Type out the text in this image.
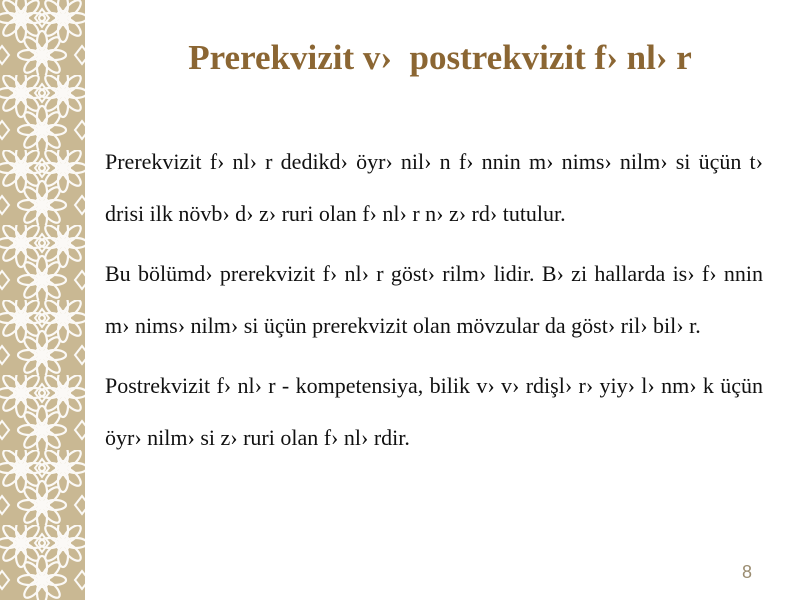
Prerekvizit v›  postrekvizit f› nl› r

Prerekvizit f› nl› r dedikd› öyr› nil› n f› nnin m› nims› nilm› si üçün t› drisi ilk növb› d› z› ruri olan f› nl› r n› z› rd› tutulur.

Bu bölümd› prerekvizit f› nl› r göst› rilm› lidir. B› zi hallarda is› f› nnin m› nims› nilm› si üçün prerekvizit olan mövzular da göst› ril› bil› r.

Postrekvizit f› nl› r - kompetensiya, bilik v› v› rdişl› r› yiy› l› nm› k üçün öyr› nilm› si z› ruri olan f› nl› rdir.

8
